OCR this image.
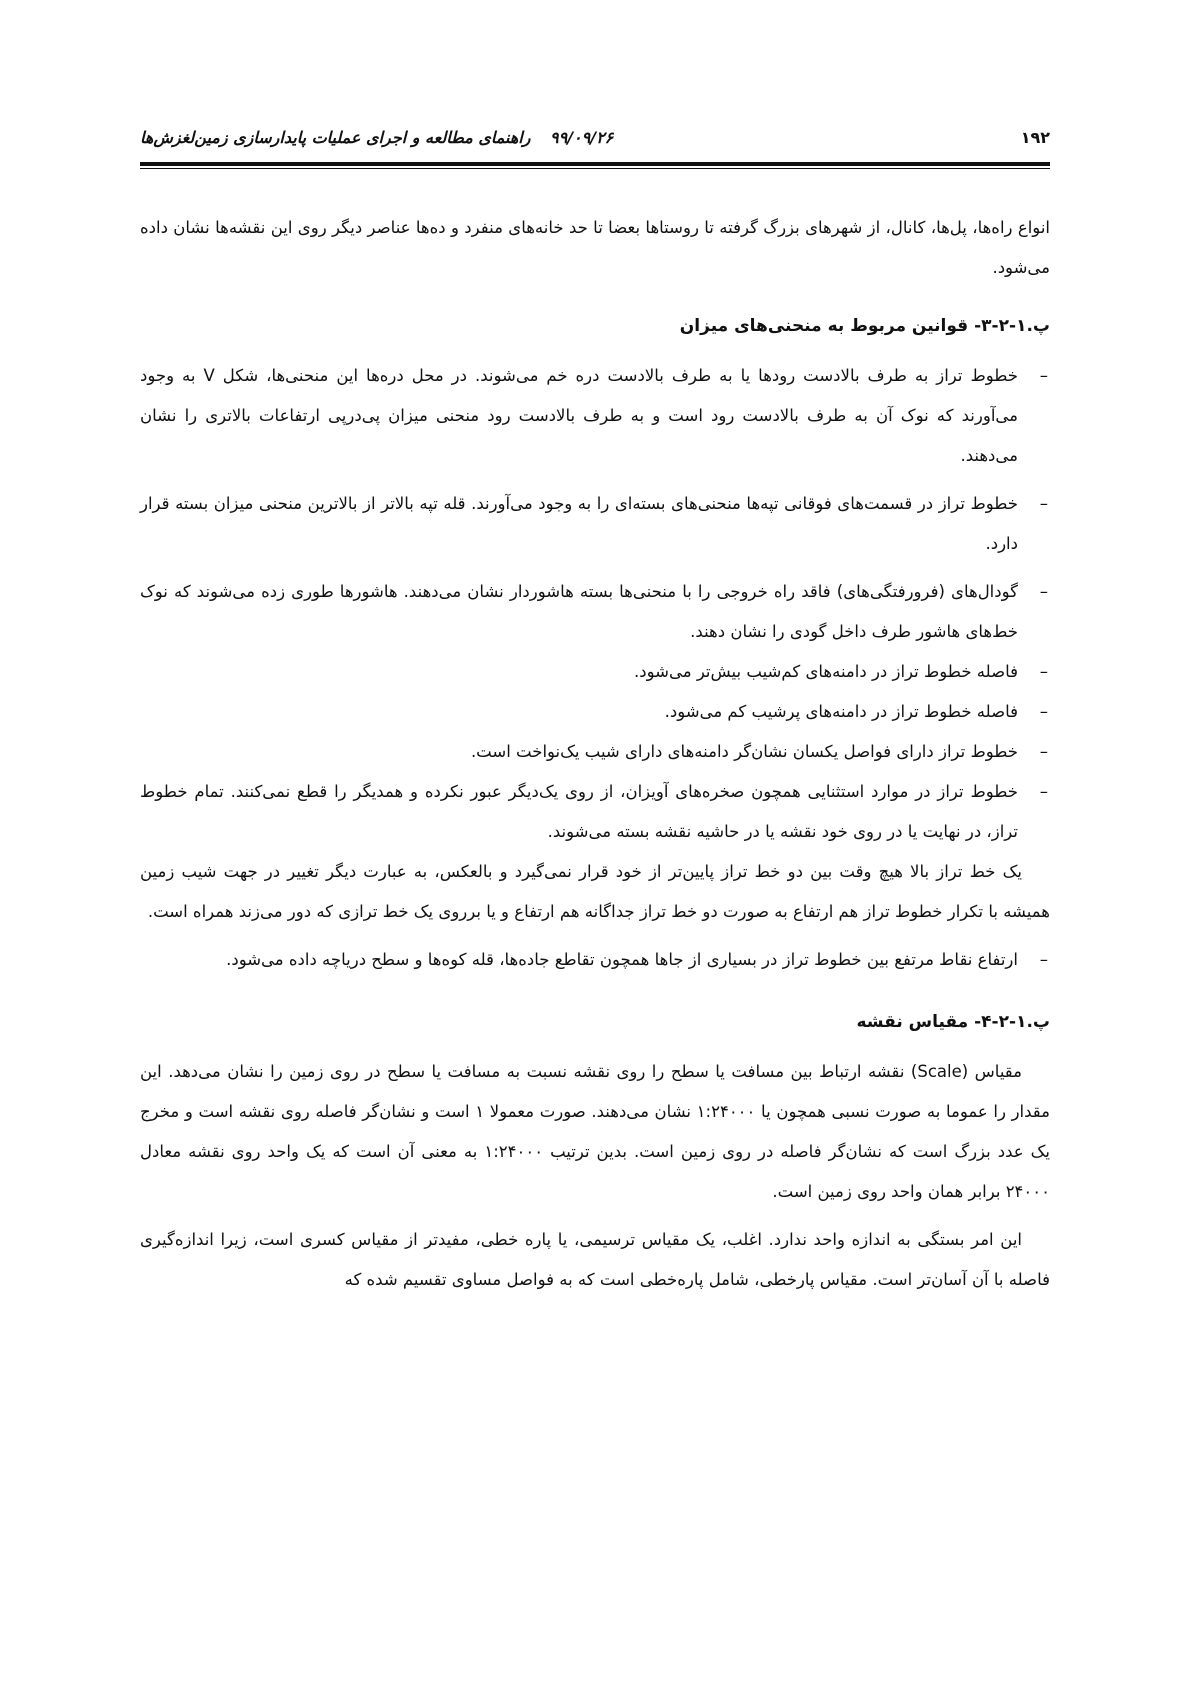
۱۹۲
۹۹/۰۹/۲۶ راهنمای مطالعه و اجرای عملیات پایدارسازی زمین‌لغزش‌ها

انواع راه‌ها، پل‌ها، کانال، از شهرهای بزرگ گرفته تا روستاها بعضا تا حد خانه‌های منفرد و ده‌ها عناصر دیگر روی این نقشه‌ها نشان داده می‌شود.

پ.۱-۲-۳- قوانین مربوط به منحنی‌های میزان
–
خطوط تراز به طرف بالادست رودها یا به طرف بالادست دره خم می‌شوند. در محل دره‌ها این منحنی‌ها، شکل V به وجود می‌آورند که نوک آن به طرف بالادست رود است و به طرف بالادست رود منحنی میزان پی‌درپی ارتفاعات بالاتری را نشان می‌دهند.
–
خطوط تراز در قسمت‌های فوقانی تپه‌ها منحنی‌های بسته‌ای را به وجود می‌آورند. قله تپه بالاتر از بالاترین منحنی میزان بسته قرار دارد.
–
گودال‌های (فرورفتگی‌های) فاقد راه خروجی را با منحنی‌ها بسته هاشوردار نشان می‌دهند. هاشورها طوری زده می‌شوند که نوک خط‌های هاشور طرف داخل گودی را نشان دهند.
–
فاصله خطوط تراز در دامنه‌های کم‌شیب بیش‌تر می‌شود.
–
فاصله خطوط تراز در دامنه‌های پرشیب کم می‌شود.
–
خطوط تراز دارای فواصل یکسان نشان‌گر دامنه‌های دارای شیب یک‌نواخت است.
–
خطوط تراز در موارد استثنایی همچون صخره‌های آویزان، از روی یک‌دیگر عبور نکرده و همدیگر را قطع نمی‌کنند. تمام خطوط تراز، در نهایت یا در روی خود نقشه یا در حاشیه نقشه بسته می‌شوند.

یک خط تراز بالا هیچ وقت بین دو خط تراز پایین‌تر از خود قرار نمی‌گیرد و بالعکس، به عبارت دیگر تغییر در جهت شیب زمین همیشه با تکرار خطوط تراز هم ارتفاع به صورت دو خط تراز جداگانه هم ارتفاع و یا برروی یک خط ترازی که دور می‌زند همراه است.

–
ارتفاع نقاط مرتفع بین خطوط تراز در بسیاری از جاها همچون تقاطع جاده‌ها، قله کوه‌ها و سطح دریاچه داده می‌شود.
پ.۱-۲-۴- مقیاس نقشه

مقیاس (Scale) نقشه ارتباط بین مسافت یا سطح را روی نقشه نسبت به مسافت یا سطح در روی زمین را نشان می‌دهد. این مقدار را عموما به صورت نسبی همچون یا ۱:۲۴۰۰۰ نشان می‌دهند. صورت معمولا ۱ است و نشان‌گر فاصله روی نقشه است و مخرج یک عدد بزرگ است که نشان‌گر فاصله در روی زمین است. بدین ترتیب ۱:۲۴۰۰۰ به معنی آن است که یک واحد روی نقشه معادل ۲۴۰۰۰ برابر همان واحد روی زمین است.

این امر بستگی به اندازه واحد ندارد. اغلب، یک مقیاس ترسیمی، یا پاره خطی، مفیدتر از مقیاس کسری است، زیرا اندازه‌گیری فاصله با آن آسان‌تر است. مقیاس پارخطی، شامل پاره‌خطی است که به فواصل مساوی تقسیم شده که
